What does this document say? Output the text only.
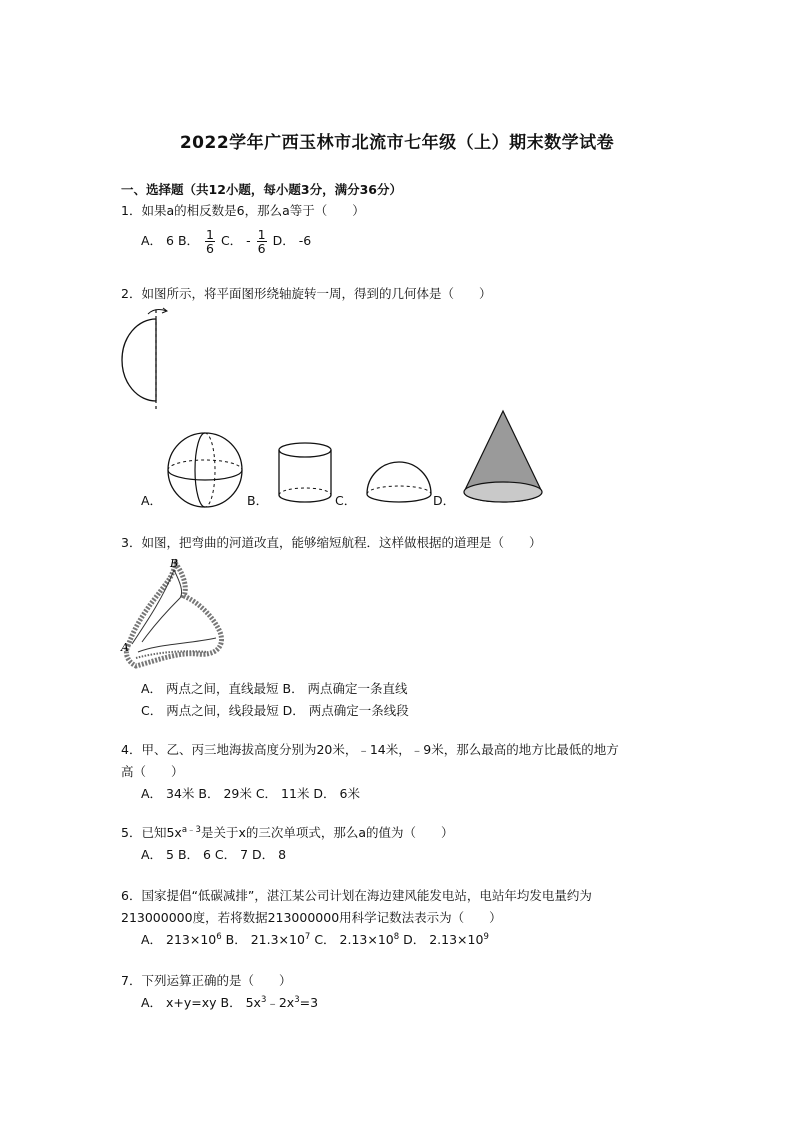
2022学年广西玉林市北流市七年级（上）期末数学试卷
一、选择题（共12小题，每小题3分，满分36分）
1．如果a的相反数是6，那么a等于（　　）
A． 6 B． $\frac{1}{6}$ C． - $\frac{1}{6}$ D． -6
2．如图所示，将平面图形绕轴旋转一周，得到的几何体是（　　）
A．	B．	C．	D．
3．如图，把弯曲的河道改直，能够缩短航程．这样做根据的道理是（　　）
B
A
A． 两点之间，直线最短 B． 两点确定一条直线
C． 两点之间，线段最短 D． 两点确定一条线段
4．甲、乙、丙三地海拔高度分别为20米，﹣14米，﹣9米，那么最高的地方比最低的地方
高（　　）
A． 34米 B． 29米 C． 11米 D． 6米
5．已知$5x^{a﹣3}$是关于x的三次单项式，那么a的值为（　　）
A． 5 B． 6 C． 7 D． 8
6．国家提倡“低碳减排”，湛江某公司计划在海边建风能发电站，电站年均发电量约为
213000000度，若将数据213000000用科学记数法表示为（　　）
A． $213\times 10^6$ B． $21.3\times 10^7$ C． $2.13\times 10^8$ D． $2.13\times 10^9$
7．下列运算正确的是（　　）
A． x+y=xy B． $5x^3﹣2x^3=3$
